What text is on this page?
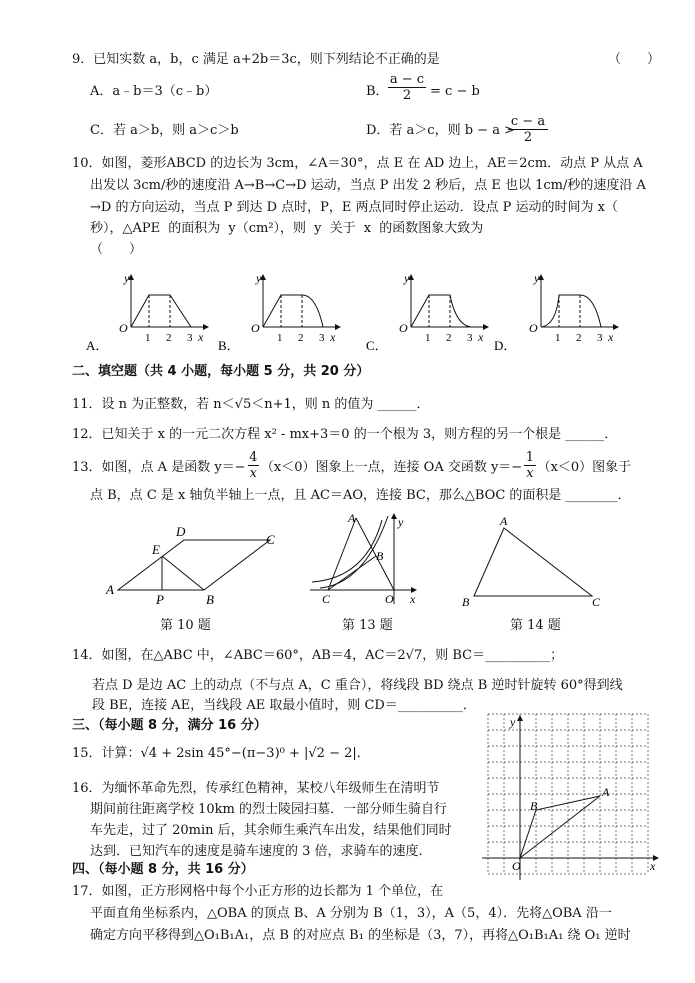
9．已知实数 a，b，c 满足 a+2b＝3c，则下列结论不正确的是	（　　）
A．a﹣b＝3（c﹣b）	B． $\frac{a - c}{2} = c - b$
C．若 a＞b，则 a＞c＞b	D．若 a＞c，则 b − a >
$\frac{c - a}{2}$
10．如图，菱形ABCD 的边长为 3cm，∠A＝30°，点 E 在 AD 边上，AE＝2cm．动点 P 从点 A
出发以 3cm/秒的速度沿 A→B→C→D 运动，当点 P 出发 2 秒后，点 E 也以 1cm/秒的速度沿 A
→D 的方向运动，当点 P 到达 D 点时，P，E 两点同时停止运动．设点 P 运动的时间为 x（
秒），△APE 的面积为 y（cm²），则 y 关于 x 的函数图象大致为
（　　）
y
O
1 2 3 x
A．
y
O
1 2 3 x
B．
y
O
1 2 3 x
C．
y
O
1 2 3 x
D．
二、填空题（共 4 小题，每小题 5 分，共 20 分）
11．设 n 为正整数，若 n＜√5＜n+1，则 n 的值为 ______．
12．已知关于 x 的一元二次方程 x² - mx+3＝0 的一个根为 3，则方程的另一个根是 ______．
13．如图，点 A 是函数 $y=- \frac{4}{x} (x<0)$图象上一点，连接 OA 交函数 $y=- \frac{1}{x} (x<0)$图象于
点 B，点 C 是 x 轴负半轴上一点，且 AC＝AO，连接 BC，那么△BOC 的面积是 ________．
A
B
C
D
E
P
第 10 题
A
B
C	O x
y
第 13 题
A
B	C
第 14 题
14．如图，在△ABC 中，∠ABC＝60°，AB＝4，AC＝2√7，则 BC＝__________；
若点 D 是边 AC 上的动点（不与点 A，C 重合），将线段 BD 绕点 B 逆时针旋转 60°得到线
段 BE，连接 AE，当线段 AE 取最小值时，则 CD＝__________．
三、（每小题 8 分，满分 16 分）
15．计算：√4 + 2sin 45°−(π−3)⁰ + |√2 − 2|．
16．为缅怀革命先烈，传承红色精神，某校八年级师生在清明节
期间前往距离学校 10km 的烈士陵园扫墓．一部分师生骑自行
车先走，过了 20min 后，其余师生乘汽车出发，结果他们同时
达到．已知汽车的速度是骑车速度的 3 倍，求骑车的速度.
四、（每小题 8 分，共 16 分）
17．如图，正方形网格中每个小正方形的边长都为 1 个单位，在
平面直角坐标系内，△OBA 的顶点 B、A 分别为 B（1，3），A（5，4）．先将△OBA 沿一
确定方向平移得到△O₁B₁A₁，点 B 的对应点 B₁ 的坐标是（3，7），再将△O₁B₁A₁ 绕 O₁ 逆时
y
x
O
A
B
